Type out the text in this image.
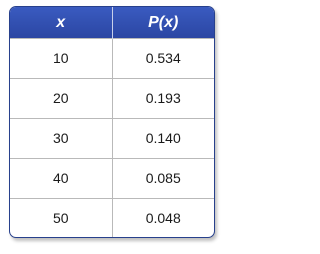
x	P(x)
10	0.534
20	0.193
30	0.140
40	0.085
50	0.048
